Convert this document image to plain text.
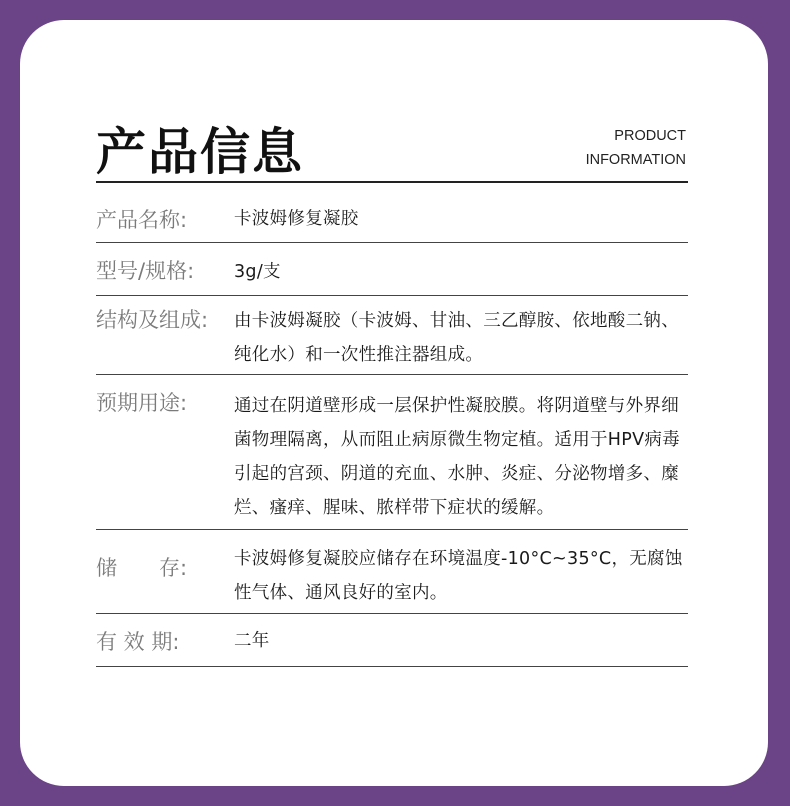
产品信息	PRODUCT
INFORMATION
产品名称:	卡波姆修复凝胶
型号/规格:	3g/支
结构及组成:	由卡波姆凝胶（卡波姆、甘油、三乙醇胺、依地酸二钠、纯化水）和一次性推注器组成。
预期用途:	通过在阴道壁形成一层保护性凝胶膜。将阴道壁与外界细菌物理隔离，从而阻止病原微生物定植。适用于HPV病毒引起的宫颈、阴道的充血、水肿、炎症、分泌物增多、糜烂、瘙痒、腥味、脓样带下症状的缓解。
储　　存:	卡波姆修复凝胶应储存在环境温度-10°C~35°C，无腐蚀性气体、通风良好的室内。
有 效 期:	二年
